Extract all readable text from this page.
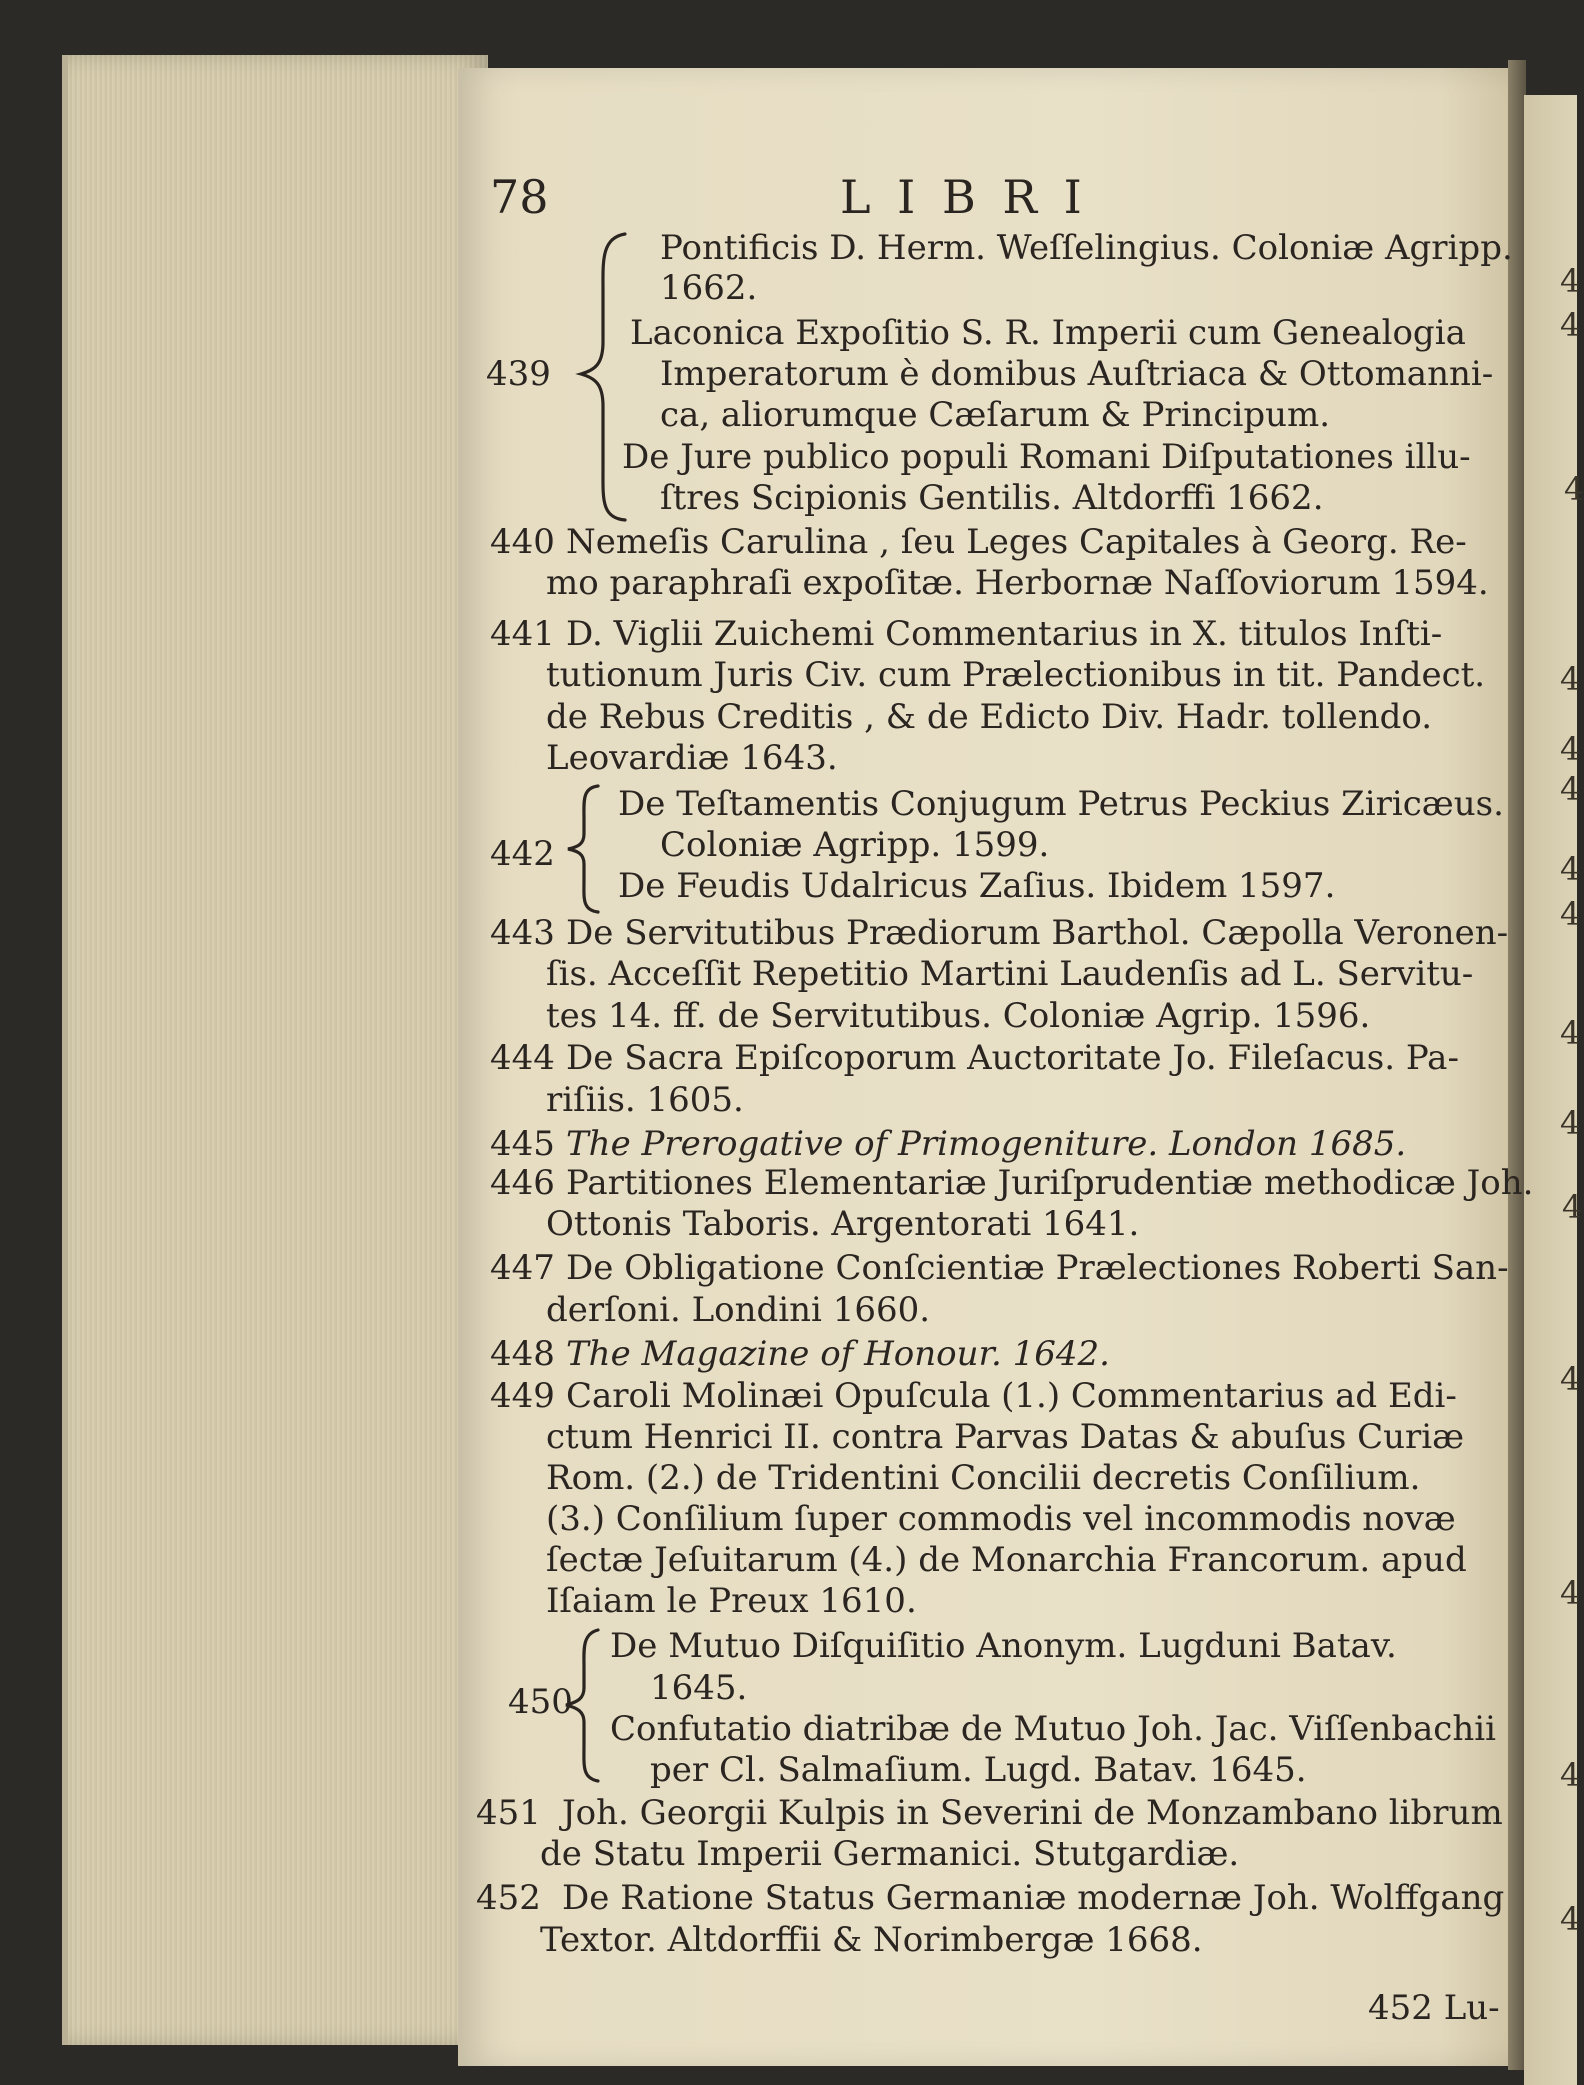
78	L I B R I
439
Pontificis D. Herm. Weſſelingius. Coloniæ Agripp.
1662.
Laconica Expoſitio S. R. Imperii cum Genealogia
Imperatorum è domibus Auſtriaca & Ottomanni-
ca, aliorumque Cæſarum & Principum.
De Jure publico populi Romani Diſputationes illu-
ſtres Scipionis Gentilis. Altdorffi 1662.
440 Nemeſis Carulina , ſeu Leges Capitales à Georg. Re-
mo paraphraſi expoſitæ. Herbornæ Naſſoviorum 1594.
441 D. Viglii Zuichemi Commentarius in X. titulos Inſti-
tutionum Juris Civ. cum Prælectionibus in tit. Pandect.
de Rebus Creditis , & de Edicto Div. Hadr. tollendo.
Leovardiæ 1643.
442
De Teſtamentis Conjugum Petrus Peckius Ziricæus.
Coloniæ Agripp. 1599.
De Feudis Udalricus Zaſius. Ibidem 1597.
443 De Servitutibus Prædiorum Barthol. Cæpolla Veronen-
ſis. Acceſſit Repetitio Martini Laudenſis ad L. Servitu-
tes 14. ff. de Servitutibus. Coloniæ Agrip. 1596.
444 De Sacra Epiſcoporum Auctoritate Jo. Fileſacus. Pa-
riſiis. 1605.
445 The Prerogative of Primogeniture. London 1685.
446 Partitiones Elementariæ Juriſprudentiæ methodicæ Joh.
Ottonis Taboris. Argentorati 1641.
447 De Obligatione Conſcientiæ Prælectiones Roberti San-
derſoni. Londini 1660.
448 The Magazine of Honour. 1642.
449 Caroli Molinæi Opuſcula (1.) Commentarius ad Edi-
ctum Henrici II. contra Parvas Datas & abuſus Curiæ
Rom. (2.) de Tridentini Concilii decretis Conſilium.
(3.) Conſilium ſuper commodis vel incommodis novæ
ſectæ Jeſuitarum (4.) de Monarchia Francorum. apud
Iſaiam le Preux 1610.
450
De Mutuo Diſquiſitio Anonym. Lugduni Batav.
1645.
Confutatio diatribæ de Mutuo Joh. Jac. Viſſenbachii
per Cl. Salmaſium. Lugd. Batav. 1645.
451 Joh. Georgii Kulpis in Severini de Monzambano librum
de Statu Imperii Germanici. Stutgardiæ.
452 De Ratione Status Germaniæ modernæ Joh. Wolffgang
Textor. Altdorffii & Norimbergæ 1668.
452 Lu-
4
4
4
4
4
4
4
4
4
4
4
4
4
4
4
